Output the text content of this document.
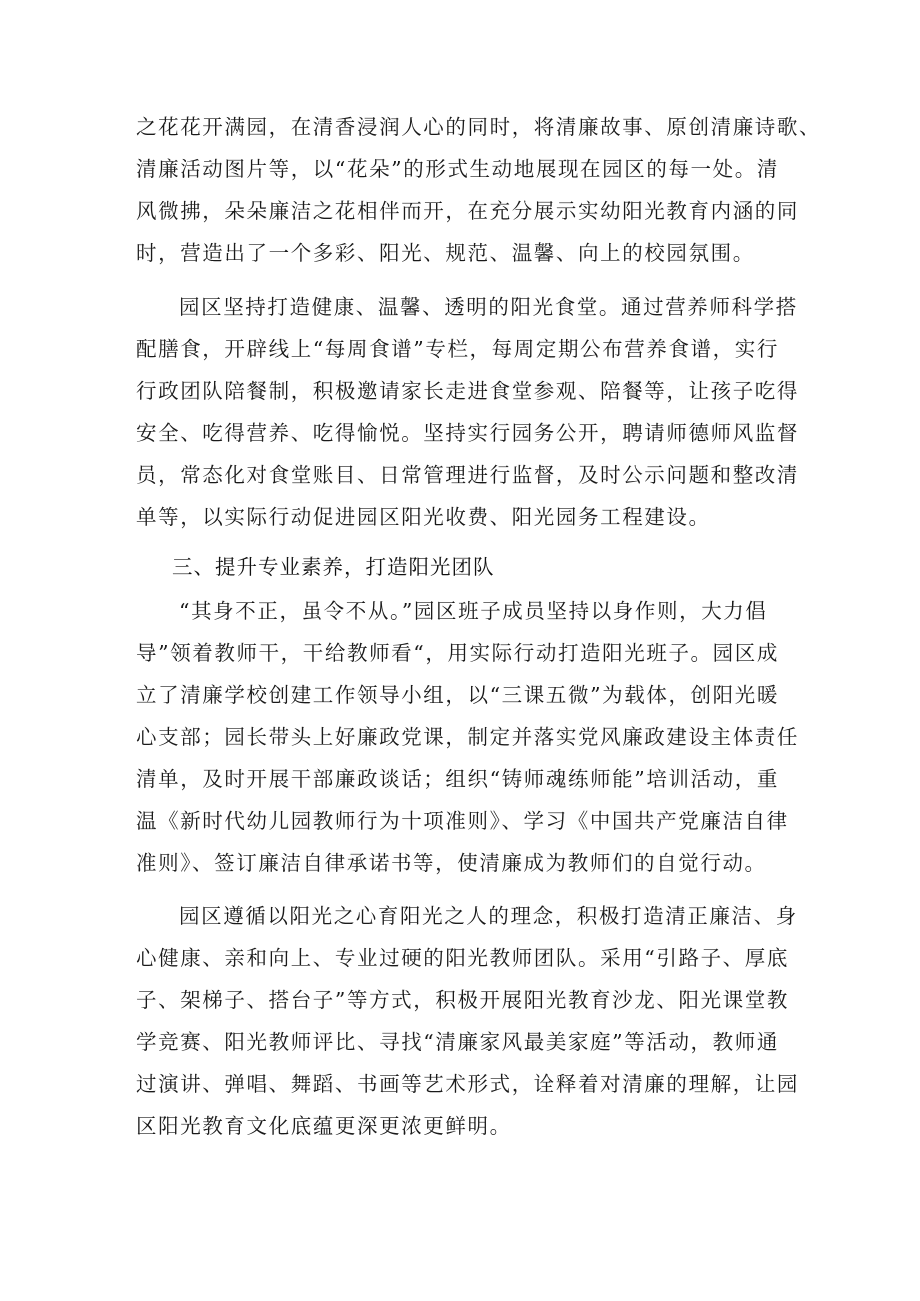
之花花开满园，在清香浸润人心的同时，将清廉故事、原创清廉诗歌、
清廉活动图片等，以“花朵”的形式生动地展现在园区的每一处。清
风微拂，朵朵廉洁之花相伴而开，在充分展示实幼阳光教育内涵的同
时，营造出了一个多彩、阳光、规范、温馨、向上的校园氛围。
园区坚持打造健康、温馨、透明的阳光食堂。通过营养师科学搭
配膳食，开辟线上“每周食谱”专栏，每周定期公布营养食谱，实行
行政团队陪餐制，积极邀请家长走进食堂参观、陪餐等，让孩子吃得
安全、吃得营养、吃得愉悦。坚持实行园务公开，聘请师德师风监督
员，常态化对食堂账目、日常管理进行监督，及时公示问题和整改清
单等，以实际行动促进园区阳光收费、阳光园务工程建设。
三、提升专业素养，打造阳光团队
“其身不正，虽令不从。”园区班子成员坚持以身作则，大力倡
导”领着教师干，干给教师看“，用实际行动打造阳光班子。园区成
立了清廉学校创建工作领导小组，以“三课五微”为载体，创阳光暖
心支部；园长带头上好廉政党课，制定并落实党风廉政建设主体责任
清单，及时开展干部廉政谈话；组织“铸师魂练师能”培训活动，重
温《新时代幼儿园教师行为十项准则》、学习《中国共产党廉洁自律
准则》、签订廉洁自律承诺书等，使清廉成为教师们的自觉行动。
园区遵循以阳光之心育阳光之人的理念，积极打造清正廉洁、身
心健康、亲和向上、专业过硬的阳光教师团队。采用“引路子、厚底
子、架梯子、搭台子”等方式，积极开展阳光教育沙龙、阳光课堂教
学竞赛、阳光教师评比、寻找“清廉家风最美家庭”等活动，教师通
过演讲、弹唱、舞蹈、书画等艺术形式，诠释着对清廉的理解，让园
区阳光教育文化底蕴更深更浓更鲜明。
